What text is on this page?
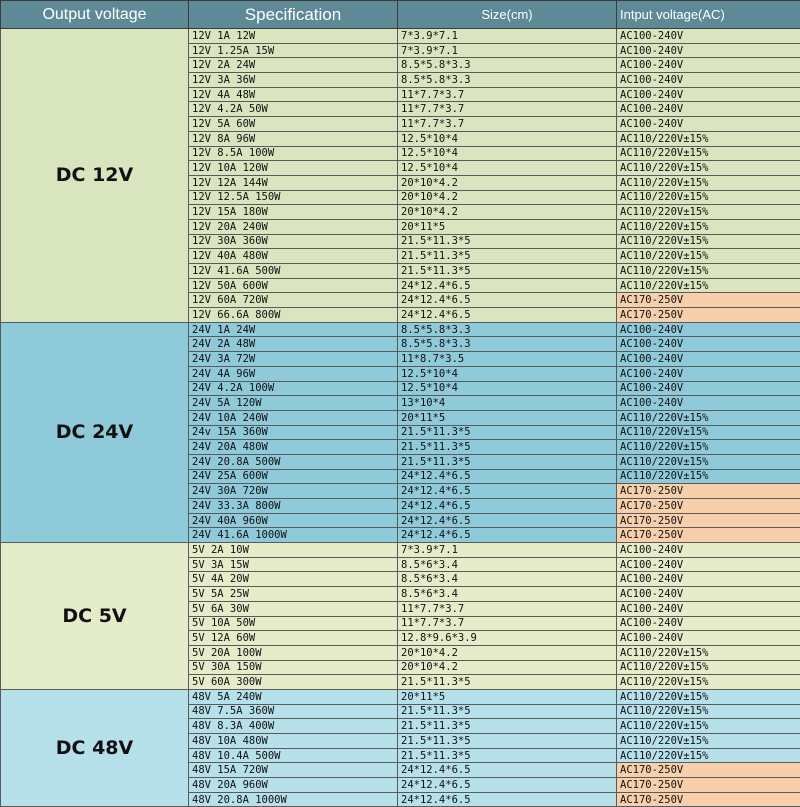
Output voltage	Specification	Size(cm)	Intput voltage(AC)
DC 12V	12V 1A 12W	7*3.9*7.1	AC100-240V
	12V 1.25A 15W	7*3.9*7.1	AC100-240V
	12V 2A 24W	8.5*5.8*3.3	AC100-240V
	12V 3A 36W	8.5*5.8*3.3	AC100-240V
	12V 4A 48W	11*7.7*3.7	AC100-240V
	12V 4.2A 50W	11*7.7*3.7	AC100-240V
	12V 5A 60W	11*7.7*3.7	AC100-240V
	12V 8A 96W	12.5*10*4	AC110/220V±15%
	12V 8.5A 100W	12.5*10*4	AC110/220V±15%
	12V 10A 120W	12.5*10*4	AC110/220V±15%
	12V 12A 144W	20*10*4.2	AC110/220V±15%
	12V 12.5A 150W	20*10*4.2	AC110/220V±15%
	12V 15A 180W	20*10*4.2	AC110/220V±15%
	12V 20A 240W	20*11*5	AC110/220V±15%
	12V 30A 360W	21.5*11.3*5	AC110/220V±15%
	12V 40A 480W	21.5*11.3*5	AC110/220V±15%
	12V 41.6A 500W	21.5*11.3*5	AC110/220V±15%
	12V 50A 600W	24*12.4*6.5	AC110/220V±15%
	12V 60A 720W	24*12.4*6.5	AC170-250V
	12V 66.6A 800W	24*12.4*6.5	AC170-250V
DC 24V	24V 1A 24W	8.5*5.8*3.3	AC100-240V
	24V 2A 48W	8.5*5.8*3.3	AC100-240V
	24V 3A 72W	11*8.7*3.5	AC100-240V
	24V 4A 96W	12.5*10*4	AC100-240V
	24V 4.2A 100W	12.5*10*4	AC100-240V
	24V 5A 120W	13*10*4	AC100-240V
	24V 10A 240W	20*11*5	AC110/220V±15%
	24v 15A 360W	21.5*11.3*5	AC110/220V±15%
	24V 20A 480W	21.5*11.3*5	AC110/220V±15%
	24V 20.8A 500W	21.5*11.3*5	AC110/220V±15%
	24V 25A 600W	24*12.4*6.5	AC110/220V±15%
	24V 30A 720W	24*12.4*6.5	AC170-250V
	24V 33.3A 800W	24*12.4*6.5	AC170-250V
	24V 40A 960W	24*12.4*6.5	AC170-250V
	24V 41.6A 1000W	24*12.4*6.5	AC170-250V
DC 5V	5V 2A 10W	7*3.9*7.1	AC100-240V
	5V 3A 15W	8.5*6*3.4	AC100-240V
	5V 4A 20W	8.5*6*3.4	AC100-240V
	5V 5A 25W	8.5*6*3.4	AC100-240V
	5V 6A 30W	11*7.7*3.7	AC100-240V
	5V 10A 50W	11*7.7*3.7	AC100-240V
	5V 12A 60W	12.8*9.6*3.9	AC100-240V
	5V 20A 100W	20*10*4.2	AC110/220V±15%
	5V 30A 150W	20*10*4.2	AC110/220V±15%
	5V 60A 300W	21.5*11.3*5	AC110/220V±15%
DC 48V	48V 5A 240W	20*11*5	AC110/220V±15%
	48V 7.5A 360W	21.5*11.3*5	AC110/220V±15%
	48V 8.3A 400W	21.5*11.3*5	AC110/220V±15%
	48V 10A 480W	21.5*11.3*5	AC110/220V±15%
	48V 10.4A 500W	21.5*11.3*5	AC110/220V±15%
	48V 15A 720W	24*12.4*6.5	AC170-250V
	48V 20A 960W	24*12.4*6.5	AC170-250V
	48V 20.8A 1000W	24*12.4*6.5	AC170-250V
